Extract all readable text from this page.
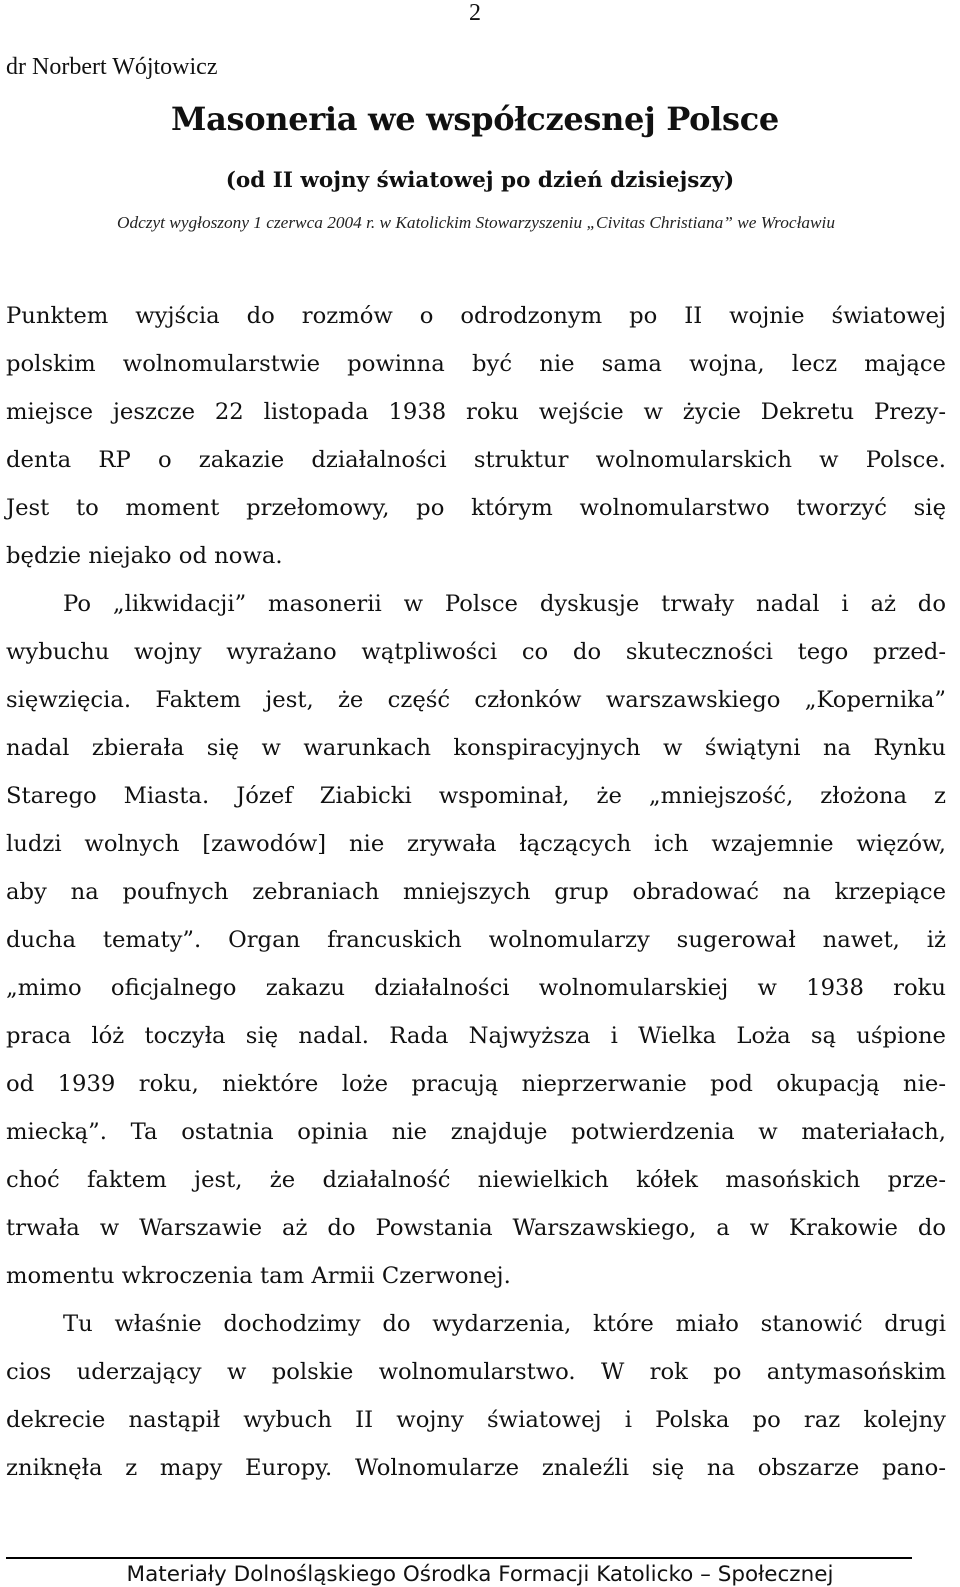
2
dr Norbert Wójtowicz
Masoneria we współczesnej Polsce
(od II wojny światowej po dzień dzisiejszy)
Odczyt wygłoszony 1 czerwca 2004 r. w Katolickim Stowarzyszeniu „Civitas Christiana” we Wrocławiu
Punktem wyjścia do rozmów o odrodzonym po II wojnie światowej
polskim wolnomularstwie powinna być nie sama wojna, lecz mające
miejsce jeszcze 22 listopada 1938 roku wejście w życie Dekretu Prezy-
denta RP o zakazie działalności struktur wolnomularskich w Polsce.
Jest to moment przełomowy, po którym wolnomularstwo tworzyć się
będzie niejako od nowa.
Po „likwidacji” masonerii w Polsce dyskusje trwały nadal i aż do
wybuchu wojny wyrażano wątpliwości co do skuteczności tego przed-
sięwzięcia. Faktem jest, że część członków warszawskiego „Kopernika”
nadal zbierała się w warunkach konspiracyjnych w świątyni na Rynku
Starego Miasta. Józef Ziabicki wspominał, że „mniejszość, złożona z
ludzi wolnych [zawodów] nie zrywała łączących ich wzajemnie więzów,
aby na poufnych zebraniach mniejszych grup obradować na krzepiące
ducha tematy”. Organ francuskich wolnomularzy sugerował nawet, iż
„mimo oficjalnego zakazu działalności wolnomularskiej w 1938 roku
praca lóż toczyła się nadal. Rada Najwyższa i Wielka Loża są uśpione
od 1939 roku, niektóre loże pracują nieprzerwanie pod okupacją nie-
miecką”. Ta ostatnia opinia nie znajduje potwierdzenia w materiałach,
choć faktem jest, że działalność niewielkich kółek masońskich prze-
trwała w Warszawie aż do Powstania Warszawskiego, a w Krakowie do
momentu wkroczenia tam Armii Czerwonej.
Tu właśnie dochodzimy do wydarzenia, które miało stanowić drugi
cios uderzający w polskie wolnomularstwo. W rok po antymasońskim
dekrecie nastąpił wybuch II wojny światowej i Polska po raz kolejny
zniknęła z mapy Europy. Wolnomularze znaleźli się na obszarze pano-
Materiały Dolnośląskiego Ośrodka Formacji Katolicko – Społecznej
